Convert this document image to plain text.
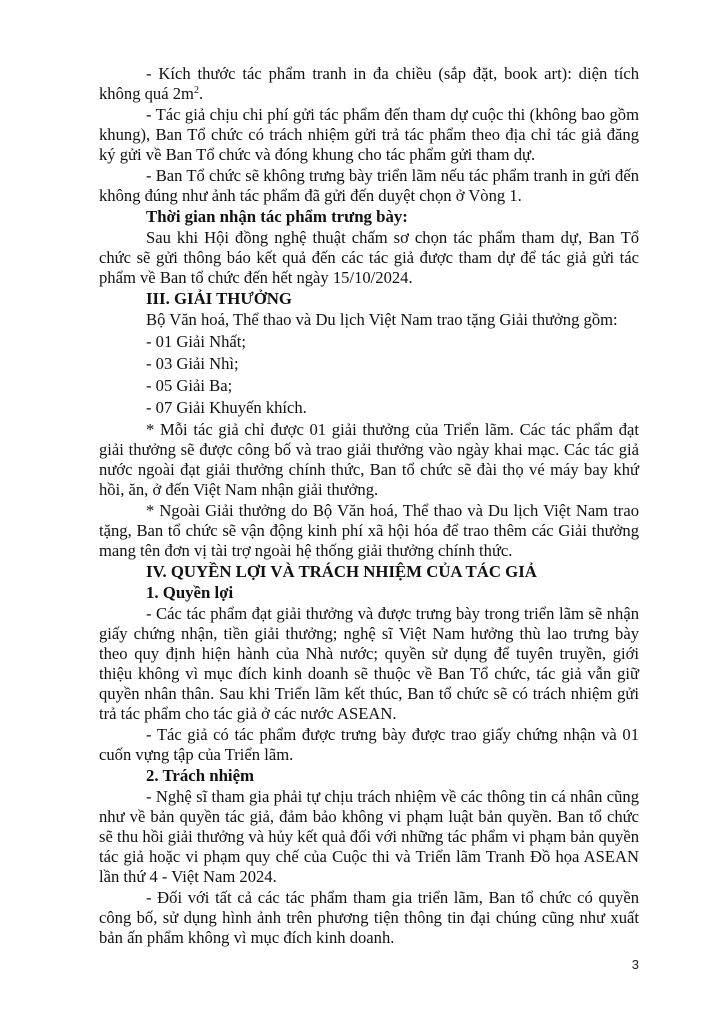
- Kích thước tác phẩm tranh in đa chiều (sắp đặt, book art): diện tích không quá $2m^2$.

- Tác giả chịu chi phí gửi tác phẩm đến tham dự cuộc thi (không bao gồm khung), Ban Tổ chức có trách nhiệm gửi trả tác phẩm theo địa chỉ tác giả đăng ký gửi về Ban Tổ chức và đóng khung cho tác phẩm gửi tham dự.

- Ban Tổ chức sẽ không trưng bày triển lãm nếu tác phẩm tranh in gửi đến không đúng như ảnh tác phẩm đã gửi đến duyệt chọn ở Vòng 1.

Thời gian nhận tác phẩm trưng bày:

Sau khi Hội đồng nghệ thuật chấm sơ chọn tác phẩm tham dự, Ban Tổ chức sẽ gửi thông báo kết quả đến các tác giả được tham dự để tác giả gửi tác phẩm về Ban tổ chức đến hết ngày 15/10/2024.

III. GIẢI THƯỞNG

Bộ Văn hoá, Thể thao và Du lịch Việt Nam trao tặng Giải thưởng gồm:

- 01 Giải Nhất;

- 03 Giải Nhì;

- 05 Giải Ba;

- 07 Giải Khuyến khích.

* Mỗi tác giả chỉ được 01 giải thưởng của Triển lãm. Các tác phẩm đạt giải thưởng sẽ được công bố và trao giải thưởng vào ngày khai mạc. Các tác giả nước ngoài đạt giải thưởng chính thức, Ban tổ chức sẽ đài thọ vé máy bay khứ hồi, ăn, ở đến Việt Nam nhận giải thưởng.

* Ngoài Giải thưởng do Bộ Văn hoá, Thể thao và Du lịch Việt Nam trao tặng, Ban tổ chức sẽ vận động kinh phí xã hội hóa để trao thêm các Giải thưởng mang tên đơn vị tài trợ ngoài hệ thống giải thưởng chính thức.

IV. QUYỀN LỢI VÀ TRÁCH NHIỆM CỦA TÁC GIẢ

1. Quyền lợi

- Các tác phẩm đạt giải thưởng và được trưng bày trong triển lãm sẽ nhận giấy chứng nhận, tiền giải thưởng; nghệ sĩ Việt Nam hưởng thù lao trưng bày theo quy định hiện hành của Nhà nước; quyền sử dụng để tuyên truyền, giới thiệu không vì mục đích kinh doanh sẽ thuộc về Ban Tổ chức, tác giả vẫn giữ quyền nhân thân. Sau khi Triển lãm kết thúc, Ban tổ chức sẽ có trách nhiệm gửi trả tác phẩm cho tác giả ở các nước ASEAN.

- Tác giả có tác phẩm được trưng bày được trao giấy chứng nhận và 01 cuốn vựng tập của Triển lãm.

2. Trách nhiệm

- Nghệ sĩ tham gia phải tự chịu trách nhiệm về các thông tin cá nhân cũng như về bản quyền tác giả, đảm bảo không vi phạm luật bản quyền. Ban tổ chức sẽ thu hồi giải thưởng và hủy kết quả đối với những tác phẩm vi phạm bản quyền tác giả hoặc vi phạm quy chế của Cuộc thi và Triển lãm Tranh Đồ họa ASEAN lần thứ 4 - Việt Nam 2024.

- Đối với tất cả các tác phẩm tham gia triển lãm, Ban tổ chức có quyền công bố, sử dụng hình ảnh trên phương tiện thông tin đại chúng cũng như xuất bản ấn phẩm không vì mục đích kinh doanh.

3
